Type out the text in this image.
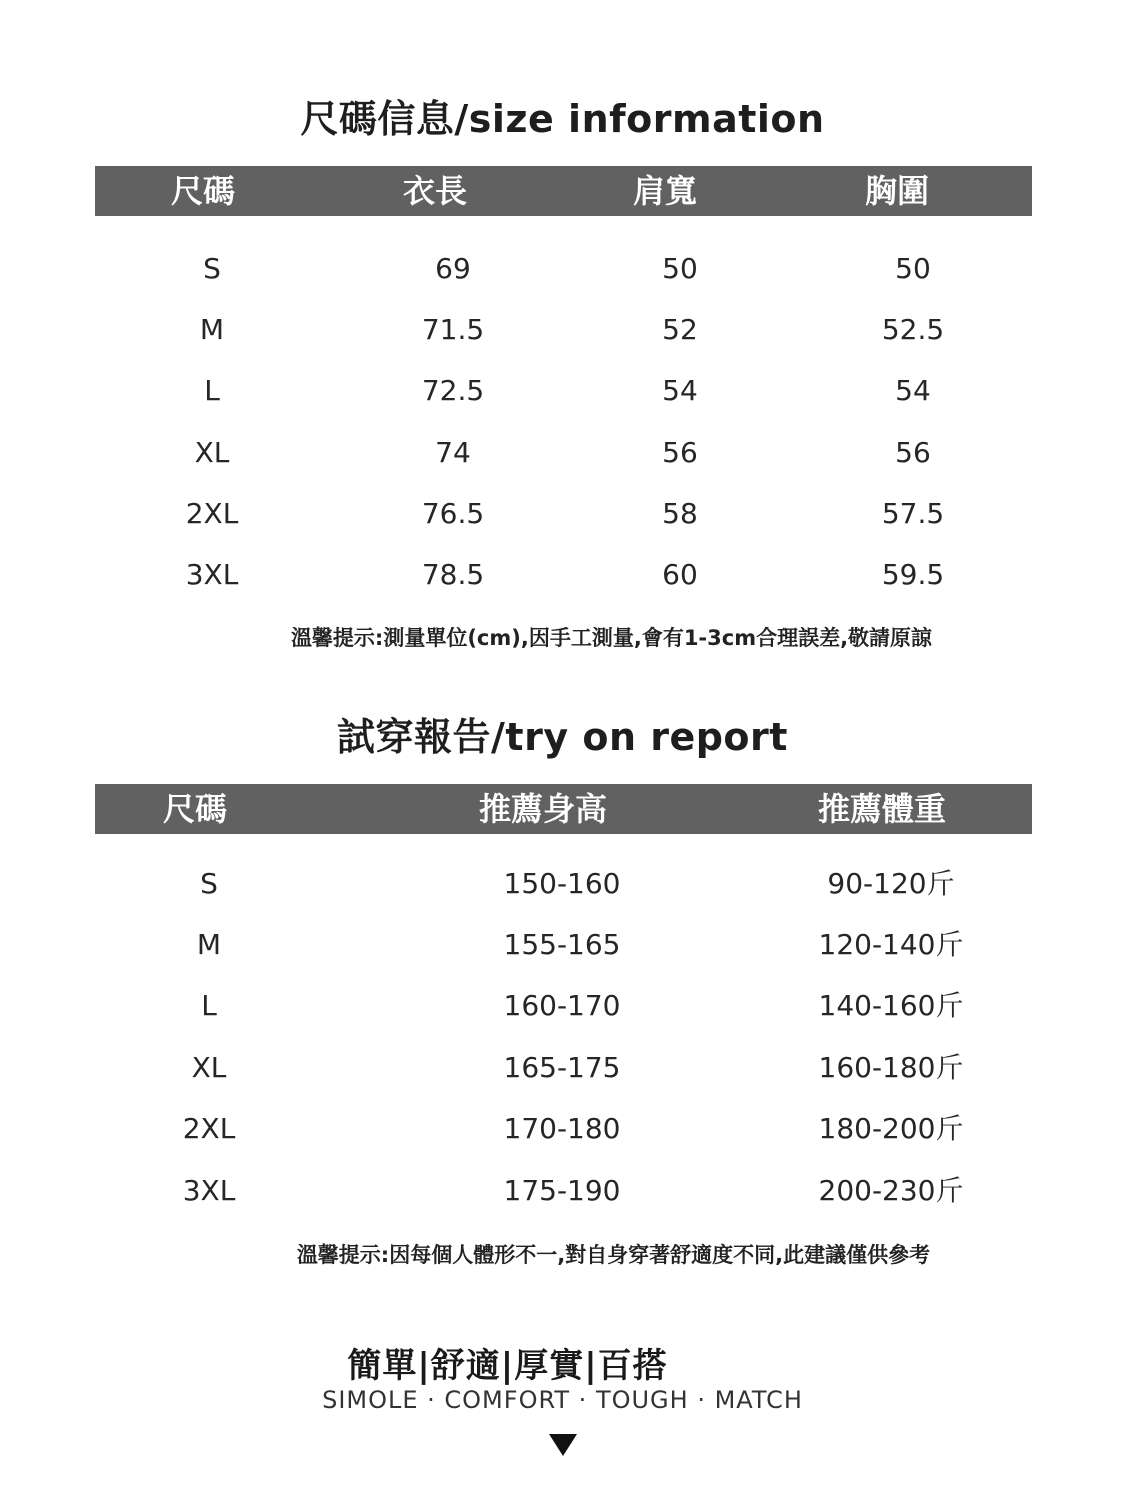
尺碼信息/size information
尺碼	衣長	肩寬	胸圍
S	69	50	50
M	71.5	52	52.5
L	72.5	54	54
XL	74	56	56
2XL	76.5	58	57.5
3XL	78.5	60	59.5
溫馨提示:測量單位(cm),因手工測量,會有1-3cm合理誤差,敬請原諒
試穿報告/try on report
尺碼	推薦身高	推薦體重
S	150-160	90-120斤
M	155-165	120-140斤
L	160-170	140-160斤
XL	165-175	160-180斤
2XL	170-180	180-200斤
3XL	175-190	200-230斤
溫馨提示:因每個人體形不一,對自身穿著舒適度不同,此建議僅供參考
簡單|舒適|厚實|百搭
SIMOLE · COMFORT · TOUGH · MATCH
